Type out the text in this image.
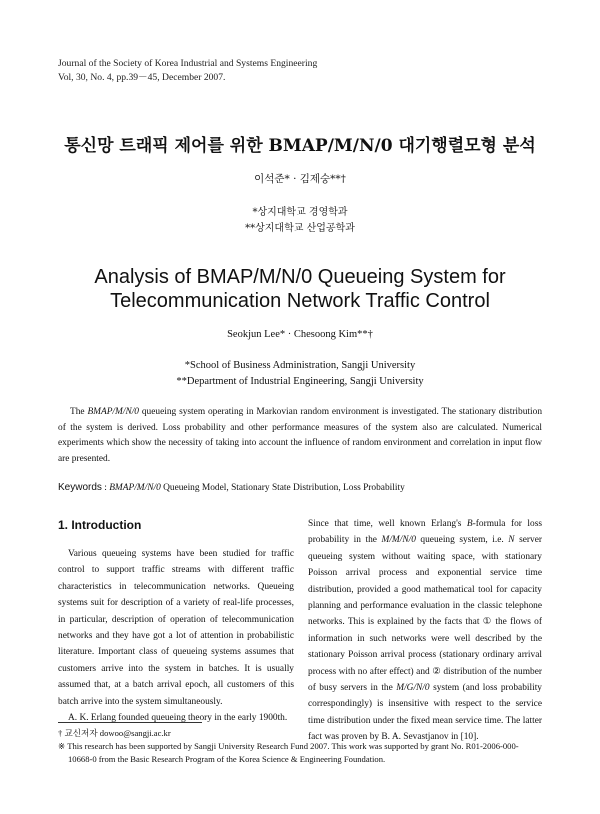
Journal of the Society of Korea Industrial and Systems Engineering
Vol, 30, No. 4, pp.39－45, December 2007.
통신망 트래픽 제어를 위한 BMAP/M/N/0 대기행렬모형 분석
이석준* · 김제숭**†
*상지대학교 경영학과
**상지대학교 산업공학과
Analysis of BMAP/M/N/0 Queueing System for
Telecommunication Network Traffic Control
Seokjun Lee* · Chesoong Kim**†
*School of Business Administration, Sangji University
**Department of Industrial Engineering, Sangji University
The BMAP/M/N/0 queueing system operating in Markovian random environment is investigated. The stationary distribution of the system is derived. Loss probability and other performance measures of the system also are calculated. Numerical experiments which show the necessity of taking into account the influence of random environment and correlation in input flow are presented.
Keywords : BMAP/M/N/0 Queueing Model, Stationary State Distribution, Loss Probability
1. Introduction

Various queueing systems have been studied for traffic control to support traffic streams with different traffic characteristics in telecommunication networks. Queueing systems suit for description of a variety of real-life processes, in particular, description of operation of telecommunication networks and they have got a lot of attention in probabilistic literature. Important class of queueing systems assumes that customers arrive into the system in batches. It is usually assumed that, at a batch arrival epoch, all customers of this batch arrive into the system simultaneously.

A. K. Erlang founded queueing theory in the early 1900th.

Since that time, well known Erlang's B-formula for loss probability in the M/M/N/0 queueing system, i.e. N server queueing system without waiting space, with stationary Poisson arrival process and exponential service time distribution, provided a good mathematical tool for capacity planning and performance evaluation in the classic telephone networks. This is explained by the facts that ① the flows of information in such networks were well described by the stationary Poisson arrival process (stationary ordinary arrival process with no after effect) and ② distribution of the number of busy servers in the M/G/N/0 system (and loss probability correspondingly) is insensitive with respect to the service time distribution under the fixed mean service time. The latter fact was proven by B. A. Sevastjanov in [10].

† 교신저자 dowoo@sangji.ac.kr
※ This research has been supported by Sangji University Research Fund 2007. This work was supported by grant No. R01-2006-000-10668-0 from the Basic Research Program of the Korea Science & Engineering Foundation.
